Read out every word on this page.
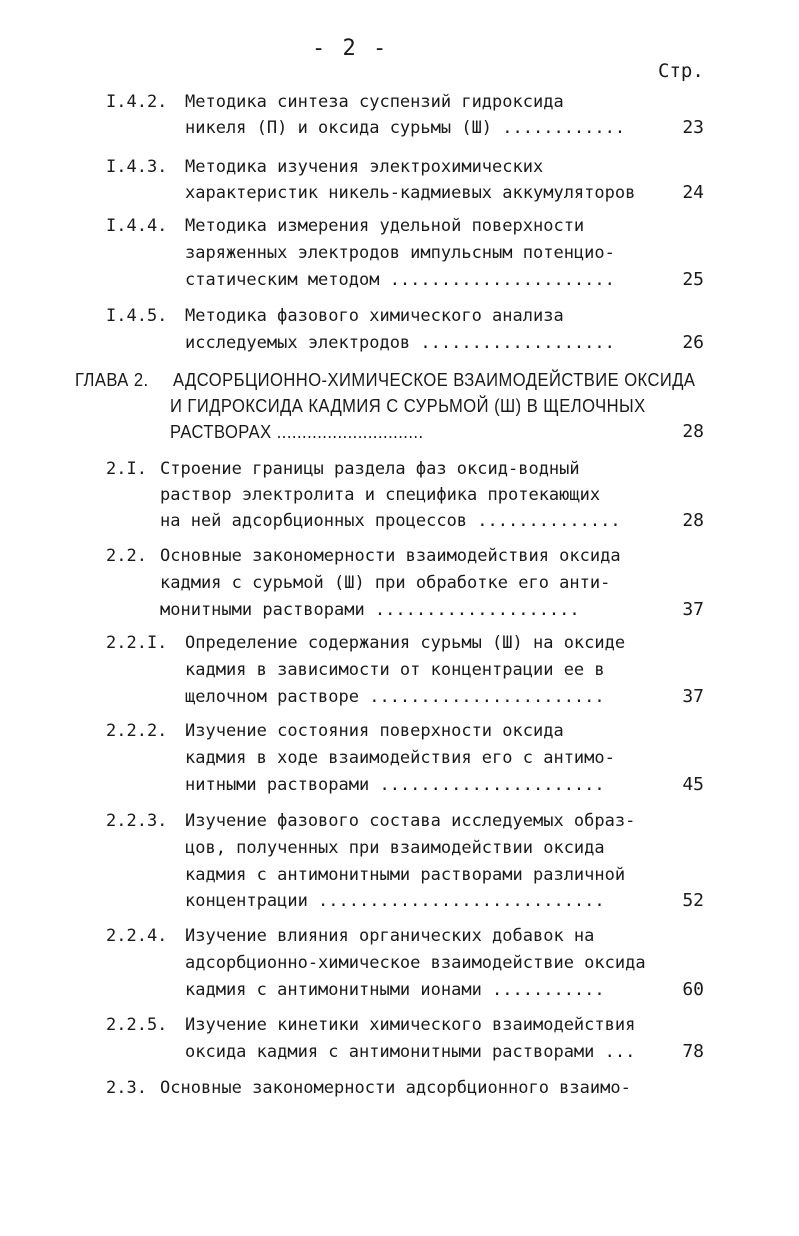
- 2 -
Стр.
I.4.2. Методика синтеза суспензий гидроксида
никеля (П) и оксида сурьмы (Ш) ............	23
I.4.3. Методика изучения электрохимических
характеристик никель-кадмиевых аккумуляторов	24
I.4.4. Методика измерения удельной поверхности
заряженных электродов импульсным потенцио-
статическим методом ......................	25
I.4.5. Методика фазового химического анализа
исследуемых электродов ...................	26
ГЛАВА 2. АДСОРБЦИОННО-ХИМИЧЕСКОЕ ВЗАИМОДЕЙСТВИЕ ОКСИДА
И ГИДРОКСИДА КАДМИЯ С СУРЬМОЙ (Ш) В ЩЕЛОЧНЫХ
РАСТВОРАХ .............................	28
2.I. Строение границы раздела фаз оксид-водный
раствор электролита и специфика протекающих
на ней адсорбционных процессов ..............	28
2.2. Основные закономерности взаимодействия оксида
кадмия с сурьмой (Ш) при обработке его анти-
монитными растворами ....................	37
2.2.I. Определение содержания сурьмы (Ш) на оксиде
кадмия в зависимости от концентрации ее в
щелочном растворе .......................	37
2.2.2. Изучение состояния поверхности оксида
кадмия в ходе взаимодействия его с антимо-
нитными растворами ......................	45
2.2.3. Изучение фазового состава исследуемых образ-
цов, полученных при взаимодействии оксида
кадмия с антимонитными растворами различной
концентрации ............................	52
2.2.4. Изучение влияния органических добавок на
адсорбционно-химическое взаимодействие оксида
кадмия с антимонитными ионами ...........	60
2.2.5. Изучение кинетики химического взаимодействия
оксида кадмия с антимонитными растворами ...	78
2.3. Основные закономерности адсорбционного взаимо-
